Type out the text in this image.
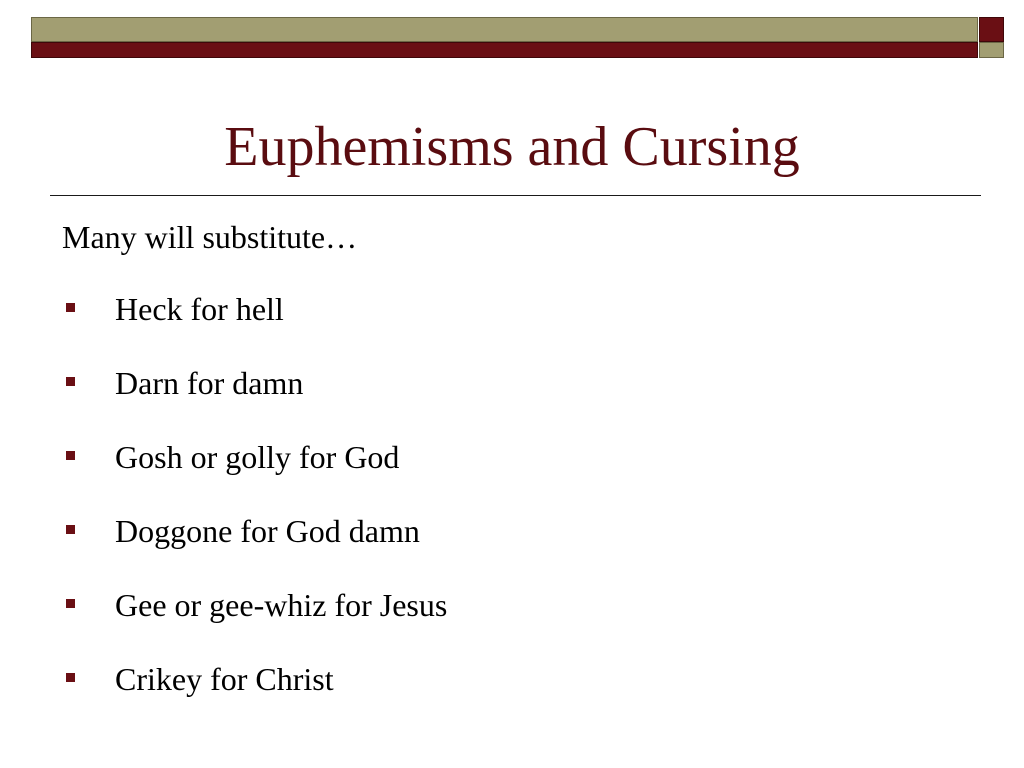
Euphemisms and Cursing
Many will substitute…
Heck for hell
Darn for damn
Gosh or golly for God
Doggone for God damn
Gee or gee-whiz for Jesus
Crikey for Christ
